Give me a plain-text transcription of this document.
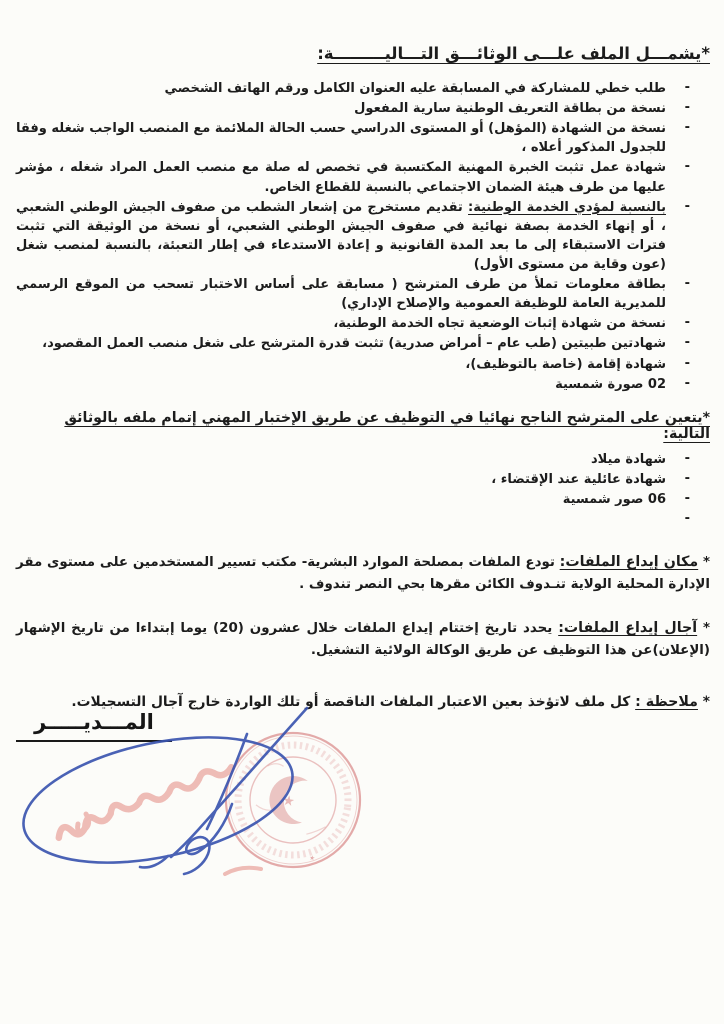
*يشمـــل الملف علـــى الوثائـــق التـــاليـــــــــة:
- طلب خطي للمشاركة في المسابقة عليه العنوان الكامل ورقم الهاتف الشخصي
- نسخة من بطاقة التعريف الوطنية سارية المفعول
- نسخة من الشهادة (المؤهل) أو المستوى الدراسي حسب الحالة الملائمة مع المنصب الواجب شغله وفقا للجدول المذكور أعلاه ،
- شهادة عمل تثبت الخبرة المهنية المكتسبة في تخصص له صلة مع منصب العمل المراد شغله ، مؤشر عليها من طرف هيئة الضمان الاجتماعي بالنسبة للقطاع الخاص.
- بالنسبة لمؤدي الخدمة الوطنية: تقديم مستخرج من إشعار الشطب من صفوف الجيش الوطني الشعبي ، أو إنهاء الخدمة بصفة نهائية في صفوف الجيش الوطني الشعبي، أو نسخة من الوثيقة التي تثبت فترات الاستبقاء إلى ما بعد المدة القانونية و إعادة الاستدعاء في إطار التعبئة، بالنسبة لمنصب شغل (عون وقاية من مستوى الأول)
- بطاقة معلومات تملأ من طرف المترشح ( مسابقة على أساس الاختبار تسحب من الموقع الرسمي للمديرية العامة للوظيفة العمومية والإصلاح الإداري)
- نسخة من شهادة إثبات الوضعية تجاه الخدمة الوطنية،
- شهادتين طبيتين (طب عام – أمراض صدرية) تثبت قدرة المترشح على شغل منصب العمل المقصود،
- شهادة إقامة (خاصة بالتوظيف)،
- 02 صورة شمسية
*يتعين على المترشح الناجح نهائيا في التوظيف عن طريق الإختبار المهني إتمام ملفه بالوثائق التالية:
- شهادة ميلاد
- شهادة عائلية عند الإقتضاء ،
- 06 صور شمسية
-
* مكان إيداع الملفات: تودع الملفات بمصلحة الموارد البشرية- مكتب تسيير المستخدمين على مستوى مقر الإدارة المحلية الولاية تنـدوف الكائن مقرها بحي النصر تندوف .
* آجال إيداع الملفات: يحدد تاريخ إختتام إيداع الملفات خلال عشرون (20) يوما إبتداءا من تاريخ الإشهار (الإعلان)عن هذا التوظيف عن طريق الوكالة الولائية التشغيل.
* ملاحظة : كل ملف لاتؤخذ بعين الاعتبار الملفات الناقصة أو تلك الواردة خارج آجال التسجيلات.
المـــديـــــر
★
٭
